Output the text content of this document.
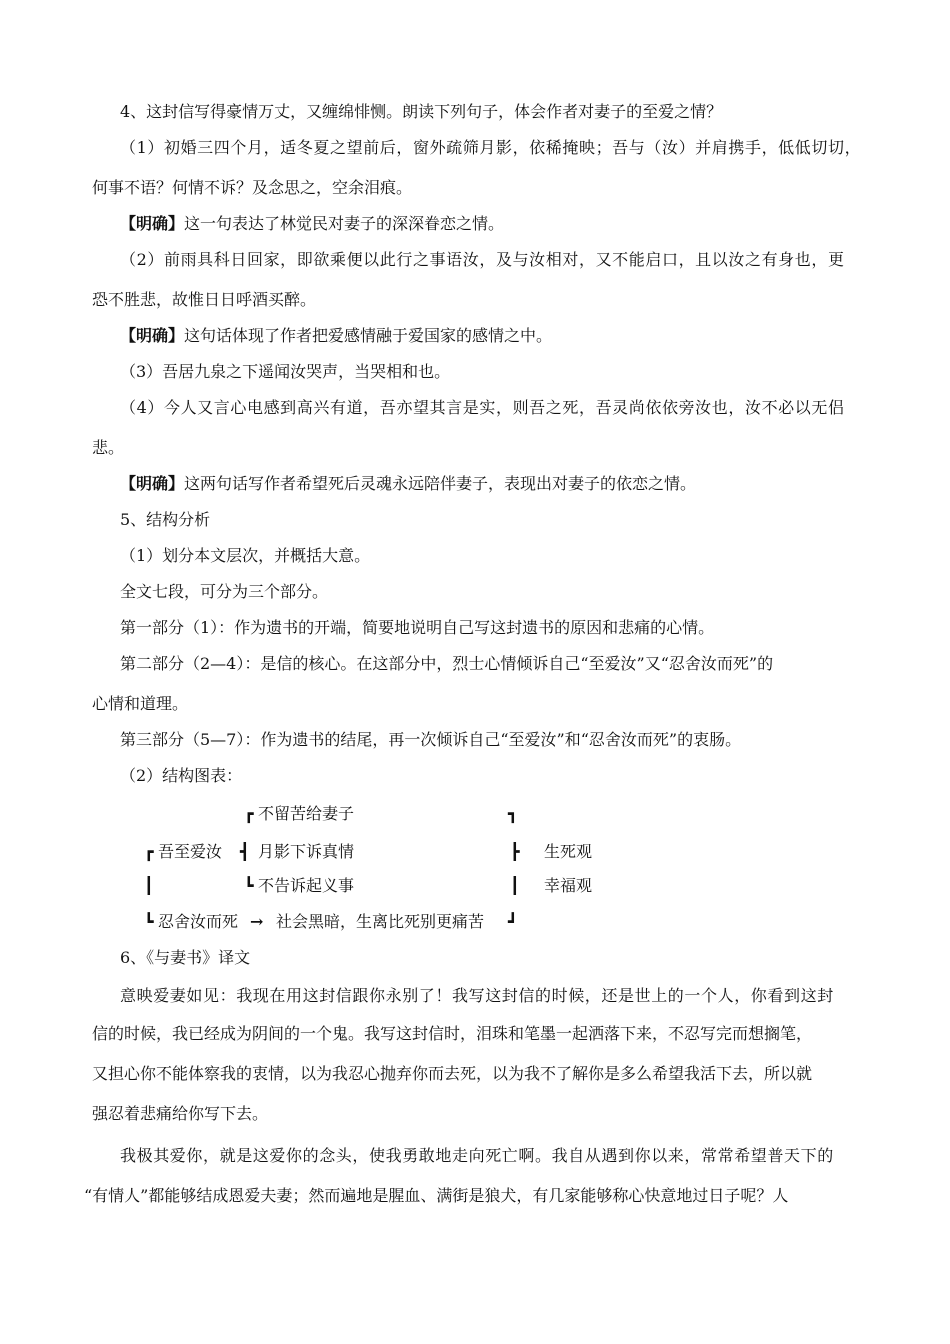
4、这封信写得豪情万丈，又缠绵悱恻。朗读下列句子，体会作者对妻子的至爱之情？
（1）初婚三四个月，适冬夏之望前后，窗外疏筛月影，依稀掩映；吾与（汝）并肩携手，低低切切，
何事不语？何情不诉？及念思之，空余泪痕。
【明确】这一句表达了林觉民对妻子的深深眷恋之情。
（2）前雨具科日回家，即欲乘便以此行之事语汝，及与汝相对，又不能启口，且以汝之有身也，更
恐不胜悲，故惟日日呼酒买醉。
【明确】这句话体现了作者把爱感情融于爱国家的感情之中。
（3）吾居九泉之下遥闻汝哭声，当哭相和也。
（4）今人又言心电感到高兴有道，吾亦望其言是实，则吾之死，吾灵尚依依旁汝也，汝不必以无侣
悲。
【明确】这两句话写作者希望死后灵魂永远陪伴妻子，表现出对妻子的依恋之情。
5、结构分析
（1）划分本文层次，并概括大意。
全文七段，可分为三个部分。
第一部分（1）：作为遗书的开端，简要地说明自己写这封遗书的原因和悲痛的心情。
第二部分（2—4）：是信的核心。在这部分中，烈士心情倾诉自己“至爱汝”又“忍舍汝而死”的
心情和道理。
第三部分（5—7）：作为遗书的结尾，再一次倾诉自己“至爱汝”和“忍舍汝而死”的衷肠。
（2）结构图表：
┏ 不留苦给妻子	┓
┏ 吾至爱汝 ┫ 月影下诉真情	┣ 生死观
┃	┗ 不告诉起义事	┃ 幸福观
┗ 忍舍汝而死 → 社会黑暗，生离比死别更痛苦 ┛
6、《与妻书》译文
意映爱妻如见：我现在用这封信跟你永别了！我写这封信的时候，还是世上的一个人，你看到这封
信的时候，我已经成为阴间的一个鬼。我写这封信时，泪珠和笔墨一起洒落下来，不忍写完而想搁笔，
又担心你不能体察我的衷情，以为我忍心抛弃你而去死，以为我不了解你是多么希望我活下去，所以就
强忍着悲痛给你写下去。
我极其爱你，就是这爱你的念头，使我勇敢地走向死亡啊。我自从遇到你以来，常常希望普天下的
“有情人”都能够结成恩爱夫妻；然而遍地是腥血、满街是狼犬，有几家能够称心快意地过日子呢？人
